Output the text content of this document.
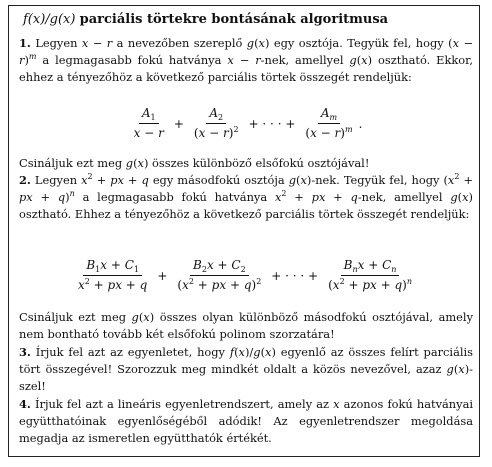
f(x)/g(x) parciális törtekre bontásának algoritmusa
1. Legyen x − r a nevezőben szereplő g(x) egy osztója. Tegyük fel, hogy $(x - r)^m$ a legmagasabb fokú hatványa x − r-nek, amellyel g(x) osztható. Ekkor, ehhez a tényezőhöz a következő parciális törtek összegét rendeljük:
$\frac{A_1}{x - r} + \frac{A_2}{(x - r)^2}$ + · · · + $\frac{A_m}{(x - r)^m}$ .
Csináljuk ezt meg g(x) összes különböző elsőfokú osztójával!
2. Legyen $x^2$ + px + q egy másodfokú osztója g(x)-nek. Tegyük fel, hogy ($x^2$ + px + q)$^n$ a legmagasabb fokú hatványa $x^2$ + px + q-nek, amellyel g(x) osztható. Ehhez a tényezőhöz a következő parciális törtek összegét rendeljük:
$\frac{B_1x + C_1}{x^2 + px + q} + \frac{B_2x + C_2}{(x^2 + px + q)^2}$ + · · · + $\frac{B_nx + C_n}{(x^2 + px + q)^n}$
Csináljuk ezt meg g(x) összes olyan különböző másodfokú osztójával, amely nem bontható tovább két elsőfokú polinom szorzatára!
3. Írjuk fel azt az egyenletet, hogy f(x)/g(x) egyenlő az összes felírt parciális tört összegével! Szorozzuk meg mindkét oldalt a közös nevezővel, azaz g(x)-szel!
4. Írjuk fel azt a lineáris egyenletrendszert, amely az x azonos fokú hatványai együtthatóinak egyenlőségéből adódik! Az egyenletrendszer megoldása megadja az ismeretlen együtthatók értékét.
